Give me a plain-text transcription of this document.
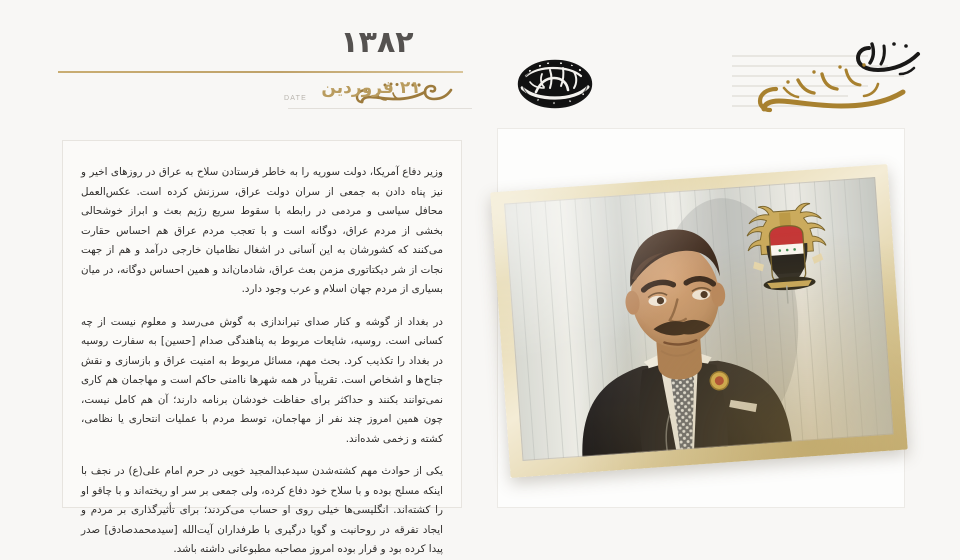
۱۳۸۲
۲۱ فروردین
DATE

وزیر دفاع آمریکا، دولت سوریه را به خاطر فرستادن سلاح به عراق در روزهای اخیر و نیز پناه دادن به جمعی از سران دولت عراق، سرزنش کرده است. عکس‌العمل محافل سیاسی و مردمی در رابطه با سقوط سریع رژیم بعث و ابراز خوشحالی بخشی از مردم عراق، دوگانه است و با تعجب مردم عراق هم احساس حقارت می‌کنند که کشورشان به این آسانی در اشغال نظامیان خارجی درآمد و هم از جهت نجات از شر دیکتاتوری مزمن بعث عراق، شادمان‌اند و همین احساس دوگانه، در میان بسیاری از مردم جهان اسلام و عرب وجود دارد.

در بغداد از گوشه و کنار صدای تیراندازی به گوش می‌رسد و معلوم نیست از چه کسانی است. روسیه، شایعات مربوط به پناهندگی صدام [حسین] به سفارت روسیه در بغداد را تکذیب کرد. بحث مهم، مسائل مربوط به امنیت عراق و بازسازی و نقش جناح‌ها و اشخاص است. تقریباً در همه شهرها ناامنی حاکم است و مهاجمان هم کاری نمی‌توانند بکنند و حداکثر برای حفاظت خودشان برنامه دارند؛ آن هم کامل نیست، چون همین امروز چند نفر از مهاجمان، توسط مردم با عملیات انتحاری یا نظامی، کشته و زخمی شده‌اند.

یکی از حوادث مهم کشته‌شدن سیدعبدالمجید خویی در حرم امام علی(ع) در نجف با اینکه مسلح بوده و با سلاح خود دفاع کرده، ولی جمعی بر سر او ریخته‌اند و با چاقو او را کشته‌اند. انگلیسی‌ها خیلی روی او حساب می‌کردند؛ برای تأثیرگذاری بر مردم و ایجاد تفرقه در روحانیت و گویا درگیری با طرفداران آیت‌الله [سیدمحمدصادق] صدر پیدا کرده بود و قرار بوده امروز مصاحبه مطبوعاتی داشته باشد.
